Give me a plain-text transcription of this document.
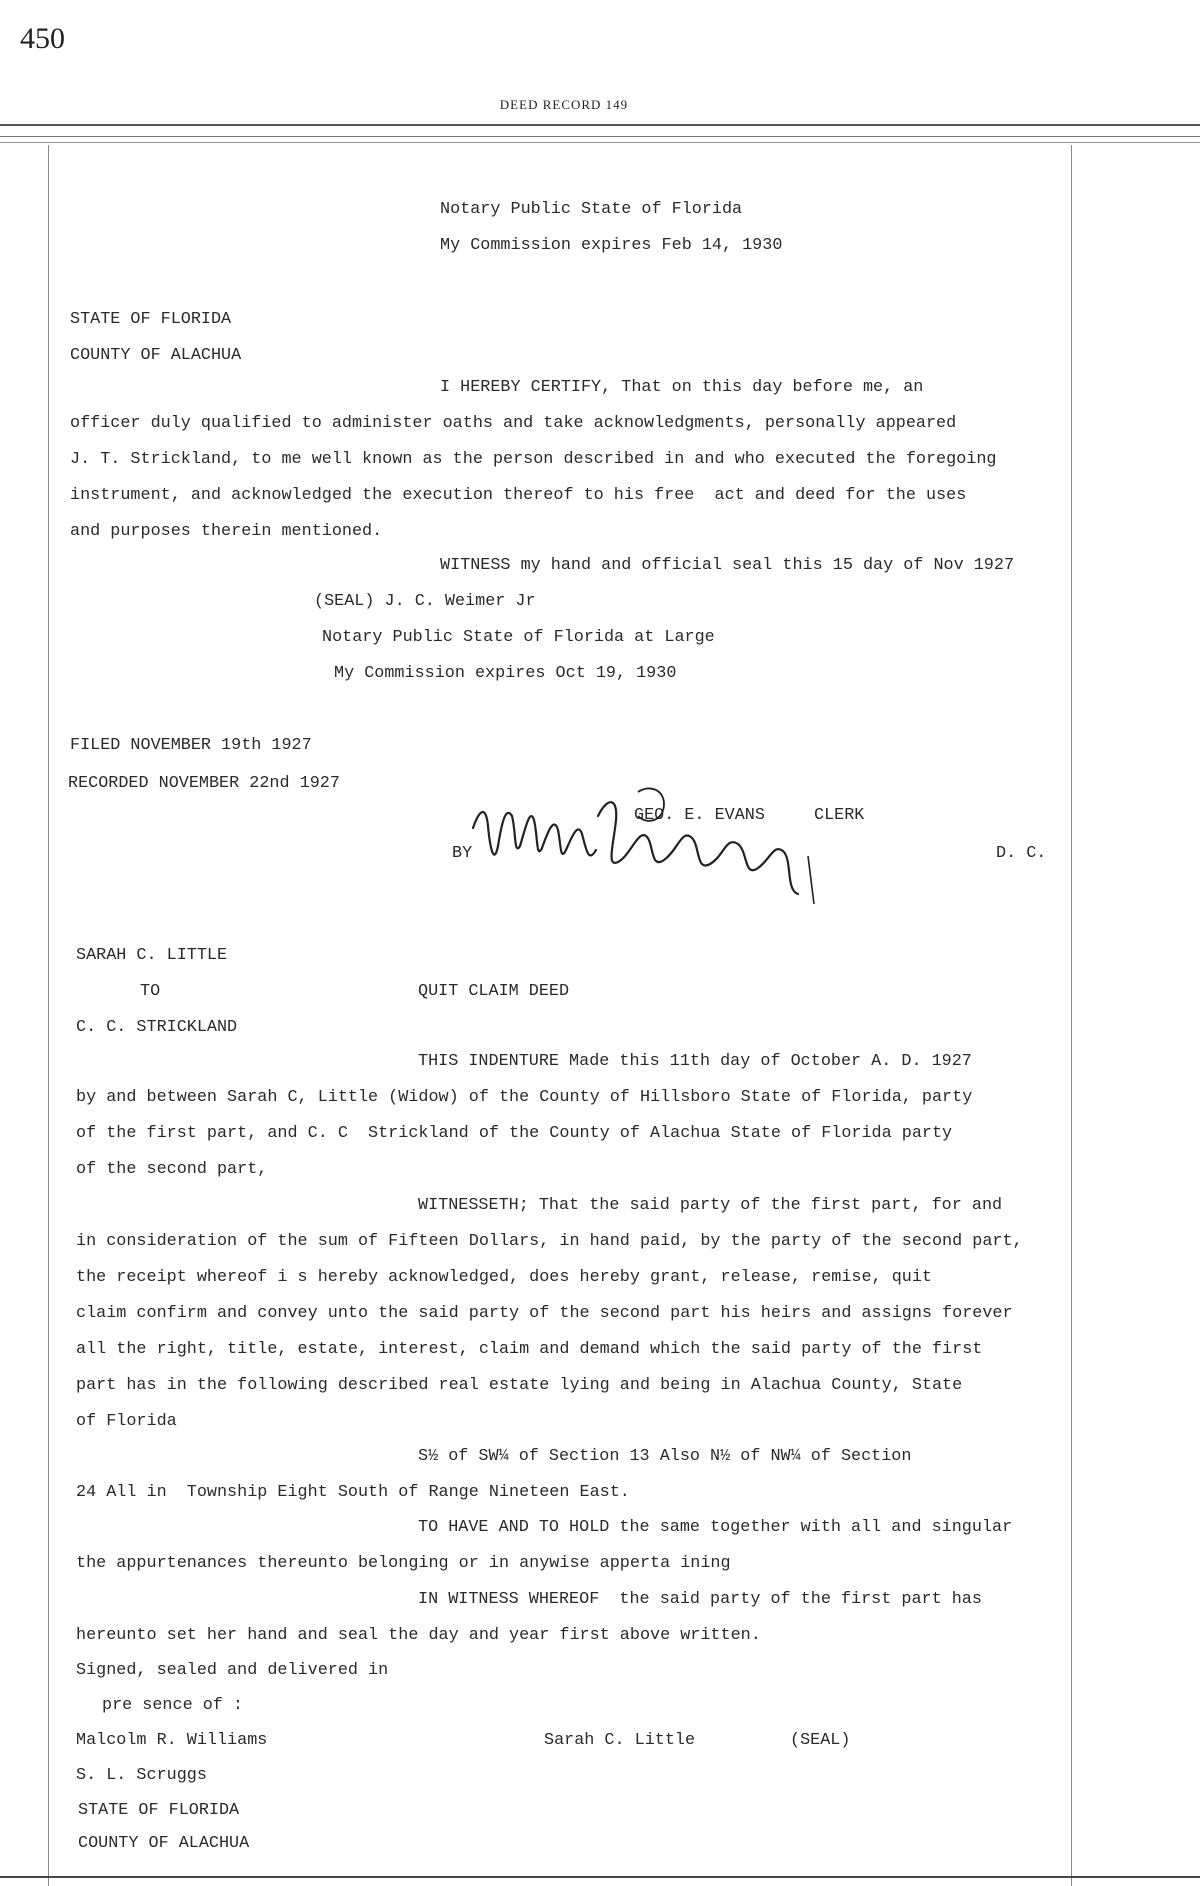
450
DEED RECORD 149
Notary Public State of Florida
My Commission expires Feb 14, 1930
STATE OF FLORIDA
COUNTY OF ALACHUA
I HEREBY CERTIFY, That on this day before me, an
officer duly qualified to administer oaths and take acknowledgments, personally appeared
J. T. Strickland, to me well known as the person described in and who executed the foregoing
instrument, and acknowledged the execution thereof to his free  act and deed for the uses
and purposes therein mentioned.
WITNESS my hand and official seal this 15 day of Nov 1927
(SEAL) J. C. Weimer Jr
Notary Public State of Florida at Large
My Commission expires Oct 19, 1930
FILED NOVEMBER 19th 1927
RECORDED NOVEMBER 22nd 1927
GEO. E. EVANS	CLERK
BY	D. C.
SARAH C. LITTLE
TO	QUIT CLAIM DEED
C. C. STRICKLAND
THIS INDENTURE Made this 11th day of October A. D. 1927
by and between Sarah C, Little (Widow) of the County of Hillsboro State of Florida, party
of the first part, and C. C  Strickland of the County of Alachua State of Florida party
of the second part,
WITNESSETH; That the said party of the first part, for and
in consideration of the sum of Fifteen Dollars, in hand paid, by the party of the second part,
the receipt whereof i s hereby acknowledged, does hereby grant, release, remise, quit
claim confirm and convey unto the said party of the second part his heirs and assigns forever
all the right, title, estate, interest, claim and demand which the said party of the first
part has in the following described real estate lying and being in Alachua County, State
of Florida
S½ of SW¼ of Section 13 Also N½ of NW¼ of Section
24 All in  Township Eight South of Range Nineteen East.
TO HAVE AND TO HOLD the same together with all and singular
the appurtenances thereunto belonging or in anywise apperta ining
IN WITNESS WHEREOF  the said party of the first part has
hereunto set her hand and seal the day and year first above written.
Signed, sealed and delivered in
pre sence of :
Malcolm R. Williams	Sarah C. Little	(SEAL)
S. L. Scruggs
STATE OF FLORIDA
COUNTY OF ALACHUA
